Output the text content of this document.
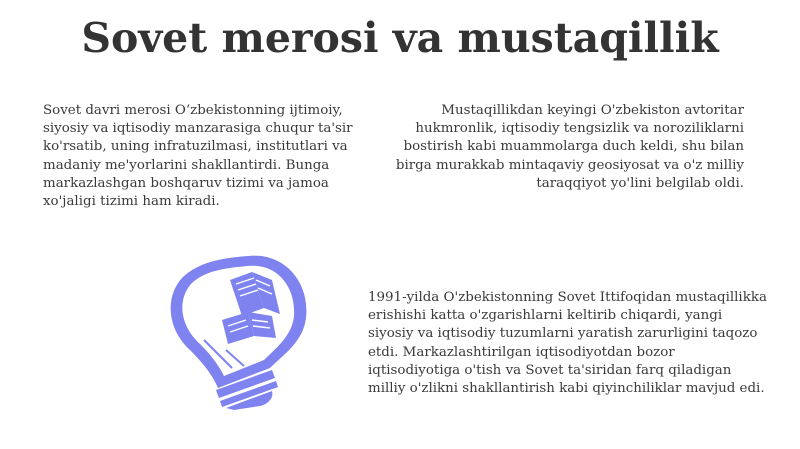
Sovet merosi va mustaqillik

Sovet davri merosi O‘zbekistonning ijtimoiy, siyosiy va iqtisodiy manzarasiga chuqur ta'sir ko'rsatib, uning infratuzilmasi, institutlari va madaniy me'yorlarini shakllantirdi. Bunga markazlashgan boshqaruv tizimi va jamoa xo'jaligi tizimi ham kiradi.

Mustaqillikdan keyingi O'zbekiston avtoritar hukmronlik, iqtisodiy tengsizlik va noroziliklarni bostirish kabi muammolarga duch keldi, shu bilan birga murakkab mintaqaviy geosiyosat va o'z milliy taraqqiyot yo'lini belgilab oldi.

1991-yilda O'zbekistonning Sovet Ittifoqidan mustaqillikka erishishi katta o'zgarishlarni keltirib chiqardi, yangi siyosiy va iqtisodiy tuzumlarni yaratish zarurligini taqozo etdi. Markazlashtirilgan iqtisodiyotdan bozor iqtisodiyotiga o'tish va Sovet ta'siridan farq qiladigan milliy o'zlikni shakllantirish kabi qiyinchiliklar mavjud edi.
